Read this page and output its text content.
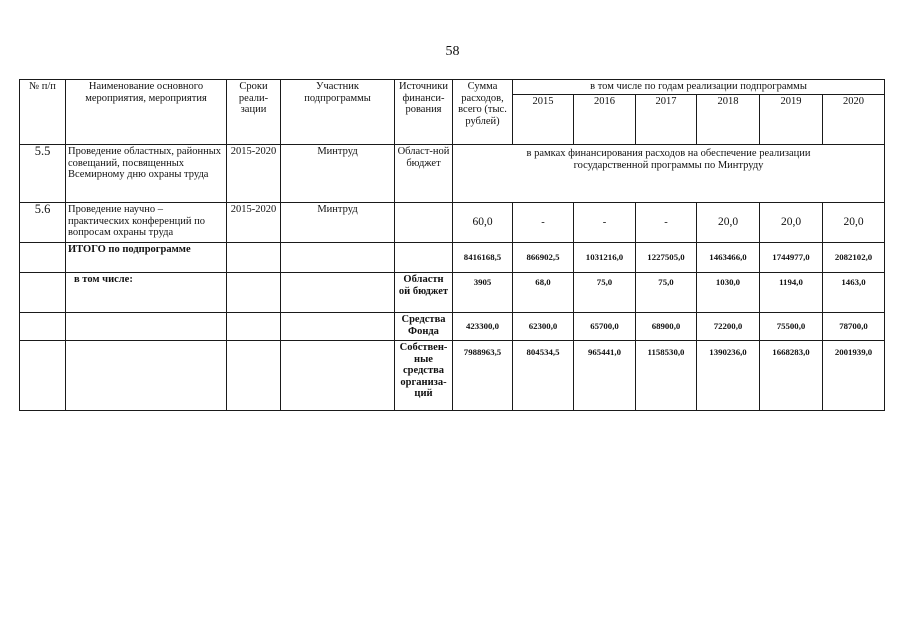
58
№ п/п	Наименование основного мероприятия, мероприятия	Сроки реали-зации	Участник подпрограммы	Источники финанси-рования	Сумма расходов, всего (тыс. рублей)	в том числе по годам реализации подпрограммы					
						2015	2016	2017	2018	2019	2020
5.5	Проведение областных, районных совещаний, посвященных Всемирному дню охраны труда	2015-2020	Минтруд	Област-ной бюджет	в рамках финансирования расходов на обеспечение реализации государственной программы по Минтруду						
5.6	Проведение научно – практических конференций по вопросам охраны труда	2015-2020	Минтруд		60,0	-	-	-	20,0	20,0	20,0
	ИТОГО по подпрограмме				8416168,5	866902,5	1031216,0	1227505,0	1463466,0	1744977,0	2082102,0
	в том числе:			Областн ой бюджет	3905	68,0	75,0	75,0	1030,0	1194,0	1463,0
				Средства Фонда	423300,0	62300,0	65700,0	68900,0	72200,0	75500,0	78700,0
				Собствен-ные средства организа-ций	7988963,5	804534,5	965441,0	1158530,0	1390236,0	1668283,0	2001939,0
